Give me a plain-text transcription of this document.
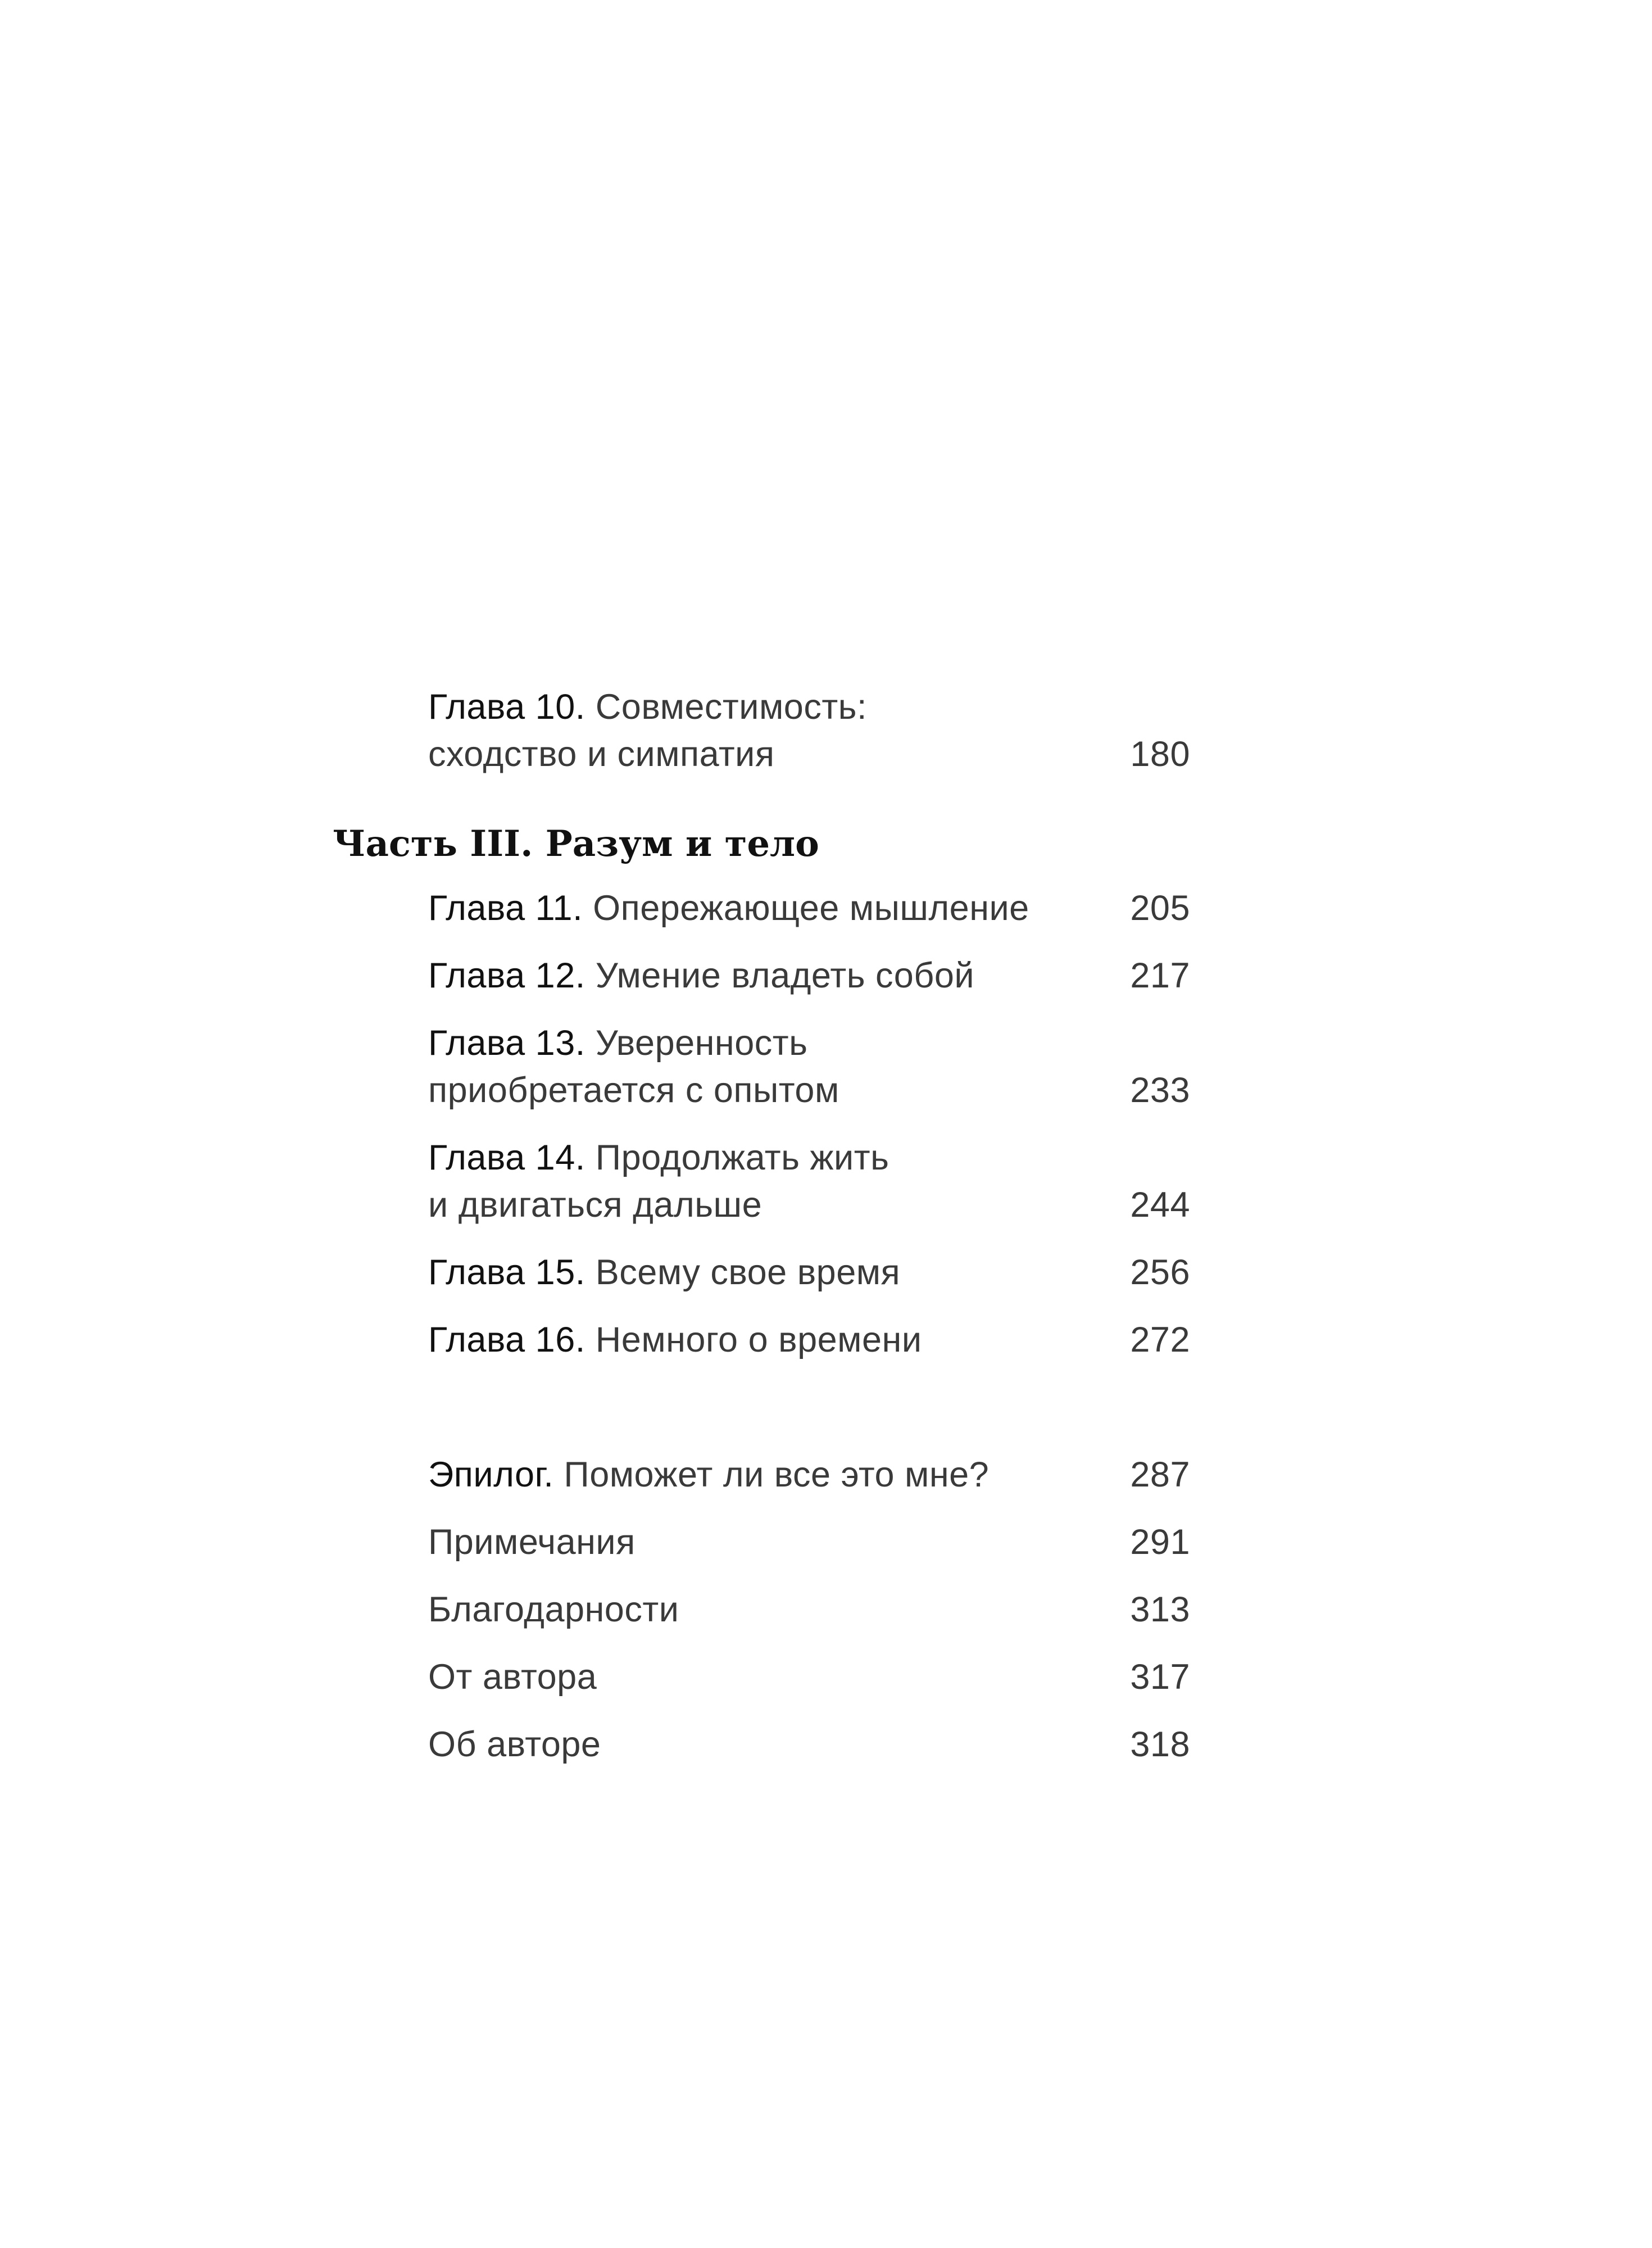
Глава 10. Совместимость:
сходство и симпатия	180
Часть III. Разум и тело
Глава 11. Опережающее мышление	205
Глава 12. Умение владеть собой	217
Глава 13. Уверенность
приобретается с опытом	233
Глава 14. Продолжать жить
и двигаться дальше	244
Глава 15. Всему свое время	256
Глава 16. Немного о времени	272
Эпилог. Поможет ли все это мне?	287
Примечания	291
Благодарности	313
От автора	317
Об авторе	318
